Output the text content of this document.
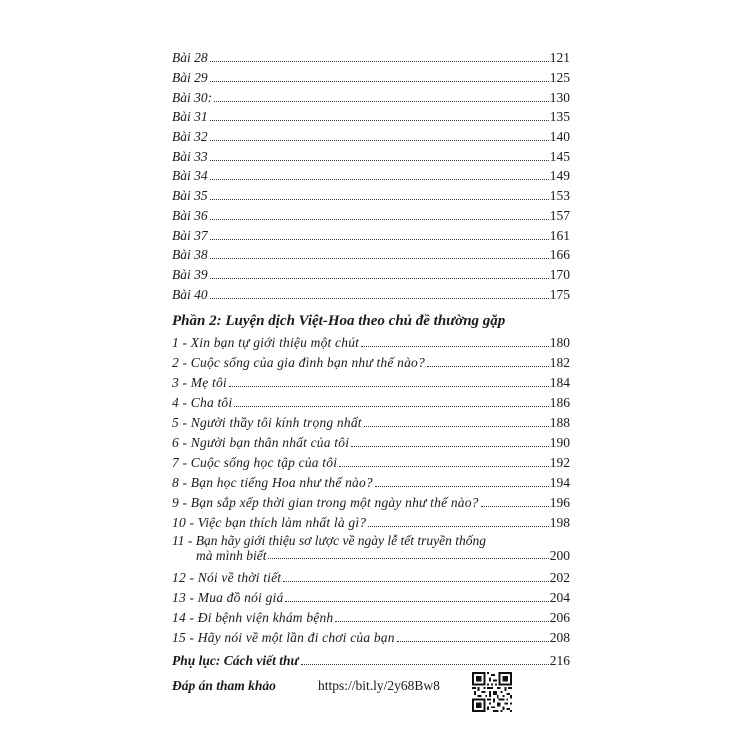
Bài 28	121
Bài 29	125
Bài 30:	130
Bài 31	135
Bài 32	140
Bài 33	145
Bài 34	149
Bài 35	153
Bài 36	157
Bài 37	161
Bài 38	166
Bài 39	170
Bài 40	175
Phần 2: Luyện dịch Việt-Hoa theo chủ đề thường gặp
1 - Xin bạn tự giới thiệu một chút	180
2 - Cuộc sống của gia đình bạn như thế nào?	182
3 - Mẹ tôi	184
4 - Cha tôi	186
5 - Người thầy tôi kính trọng nhất	188
6 - Người bạn thân nhất của tôi	190
7 - Cuộc sống học tập của tôi	192
8 - Bạn học tiếng Hoa như thế nào?	194
9 - Bạn sắp xếp thời gian trong một ngày như thế nào?	196
10 - Việc bạn thích làm nhất là gì?	198
11 - Bạn hãy giới thiệu sơ lược về ngày lễ tết truyền thống
mà mình biết	200
12 - Nói về thời tiết	202
13 - Mua đồ nói giá	204
14 - Đi bệnh viện khám bệnh	206
15 - Hãy nói về một lần đi chơi của bạn	208
Phụ lục: Cách viết thư	216
Đáp án tham khảo	https://bit.ly/2y68Bw8
